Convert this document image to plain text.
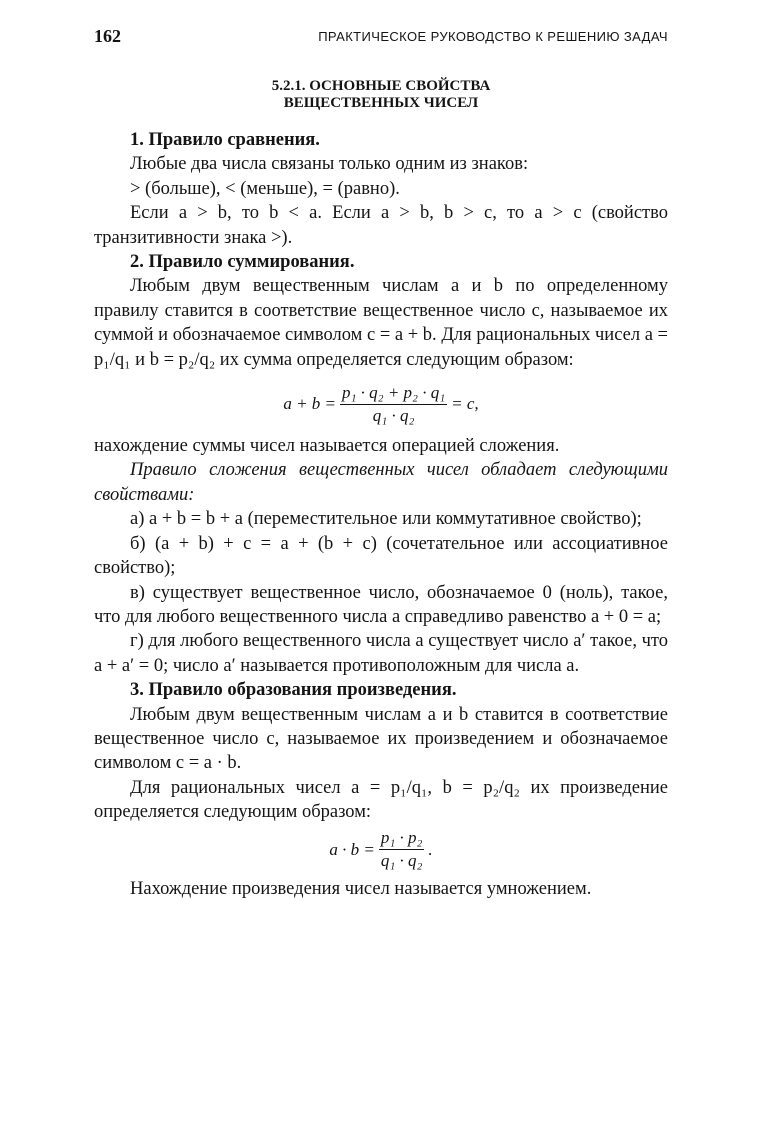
162	ПРАКТИЧЕСКОЕ РУКОВОДСТВО К РЕШЕНИЮ ЗАДАЧ
5.2.1. ОСНОВНЫЕ СВОЙСТВА
ВЕЩЕСТВЕННЫХ ЧИСЕЛ
1. Правило сравнения.

Любые два числа связаны только одним из знаков:

> (больше), < (меньше), = (равно).

Если a > b, то b < a. Если a > b, b > c, то a > c (свойство транзитивности знака >).

2. Правило суммирования.

Любым двум вещественным числам a и b по определенному правилу ставится в соответствие вещественное число c, называемое их суммой и обозначаемое символом c = a + b. Для рациональных чисел a = p₁/q₁ и b = p₂/q₂ их сумма определяется следующим образом:

$a + b = \frac{\text{p₁ · q₂ + p₂ · q₁}}{\text{q₁ · q₂}} = c$,

нахождение суммы чисел называется операцией сложения.

Правило сложения вещественных чисел обладает следующими свойствами:

а) a + b = b + a (переместительное или коммутативное свойство);

б) (a + b) + c = a + (b + c) (сочетательное или ассоциативное свойство);

в) существует вещественное число, обозначаемое 0 (ноль), такое, что для любого вещественного числа a справедливо равенство a + 0 = a;

г) для любого вещественного числа a существует число a′ такое, что a + a′ = 0; число a′ называется противоположным для числа a.

3. Правило образования произведения.

Любым двум вещественным числам a и b ставится в соответствие вещественное число c, называемое их произведением и обозначаемое символом c = a · b.

Для рациональных чисел a = p₁/q₁, b = p₂/q₂ их произведение определяется следующим образом:

$a \cdot b = \frac{\text{p₁ · p₂}}{\text{q₁ · q₂}}$ .

Нахождение произведения чисел называется умножением.
